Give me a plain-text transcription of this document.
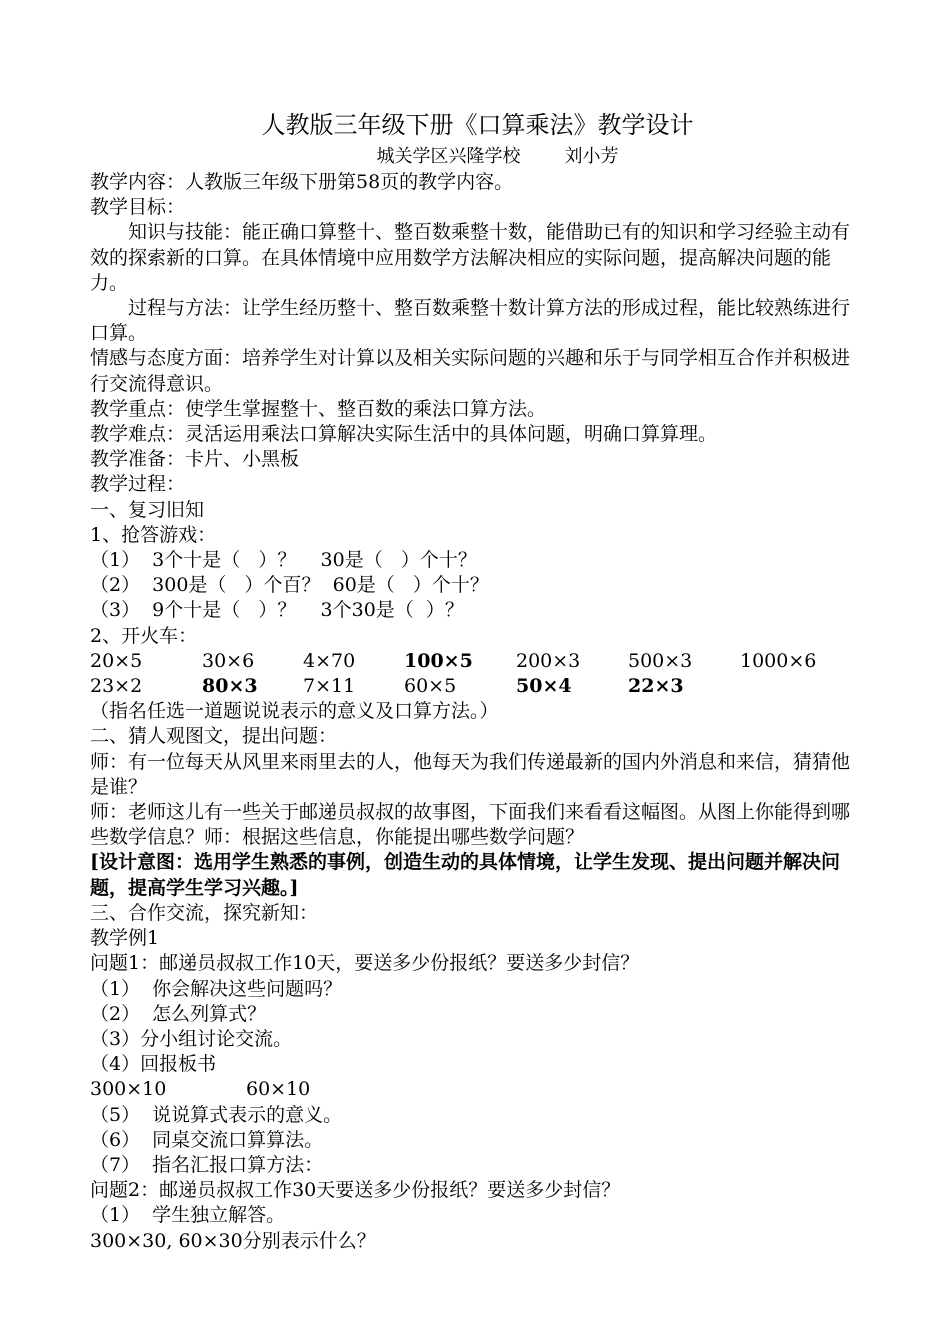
人教版三年级下册《口算乘法》教学设计
城关学区兴隆学校 刘小芳
教学内容：人教版三年级下册第58页的教学内容。
教学目标：
知识与技能：能正确口算整十、整百数乘整十数，能借助已有的知识和学习经验主动有效的探索新的口算。在具体情境中应用数学方法解决相应的实际问题，提高解决问题的能力。
过程与方法：让学生经历整十、整百数乘整十数计算方法的形成过程，能比较熟练进行口算。
情感与态度方面：培养学生对计算以及相关实际问题的兴趣和乐于与同学相互合作并积极进行交流得意识。
教学重点：使学生掌握整十、整百数的乘法口算方法。
教学难点：灵活运用乘法口算解决实际生活中的具体问题，明确口算算理。
教学准备：卡片、小黑板
教学过程：
一、复习旧知
1、抢答游戏：
（1）  3个十是（   ）？    30是（   ）个十？
（2）  300是（   ）个百？  60是（   ）个十？
（3）  9个十是（   ）？    3个30是（  ）？
2、开火车：
20×5	30×6	4×70	100×5	200×3	500×3	1000×6
23×2	80×3	7×11	60×5	50×4	22×3
（指名任选一道题说说表示的意义及口算方法。）
二、猜人观图文，提出问题：
师：有一位每天从风里来雨里去的人，他每天为我们传递最新的国内外消息和来信，猜猜他是谁？
师：老师这儿有一些关于邮递员叔叔的故事图，下面我们来看看这幅图。从图上你能得到哪些数学信息？师：根据这些信息，你能提出哪些数学问题？
[设计意图：选用学生熟悉的事例，创造生动的具体情境，让学生发现、提出问题并解决问题，提高学生学习兴趣。]
三、合作交流，探究新知：
教学例1
问题1：邮递员叔叔工作10天，要送多少份报纸？要送多少封信？
（1）  你会解决这些问题吗？
（2）  怎么列算式？
（3）分小组讨论交流。
（4）回报板书
300×10	60×10
（5）  说说算式表示的意义。
（6）  同桌交流口算算法。
（7）  指名汇报口算方法：
问题2：邮递员叔叔工作30天要送多少份报纸？要送多少封信？
（1）  学生独立解答。
300×30, 60×30分别表示什么？
